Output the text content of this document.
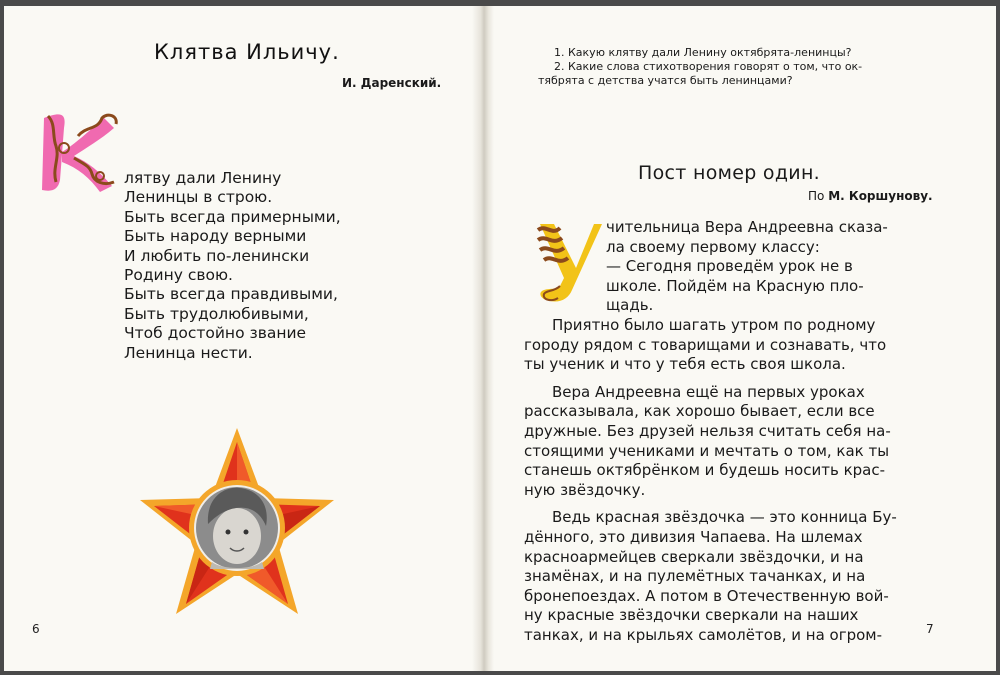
Клятва Ильичу.
И. Даренский.
лятву дали Ленину
Ленинцы в строю.
Быть всегда примерными,
Быть народу верными
И любить по-ленински
Родину свою.
Быть всегда правдивыми,
Быть трудолюбивыми,
Чтоб достойно звание
Ленинца нести.
6
1. Какую клятву дали Ленину октябрята-ленинцы?
2. Какие слова стихотворения говорят о том, что ок-
тябрята с детства учатся быть ленинцами?
Пост номер один.
По М. Коршунову.
чительница Вера Андреевна сказа-
ла своему первому классу:
— Сегодня проведём урок не в
школе. Пойдём на Красную пло-
щадь.
Приятно было шагать утром по родному
городу рядом с товарищами и сознавать, что
ты ученик и что у тебя есть своя школа.
Вера Андреевна ещё на первых уроках
рассказывала, как хорошо бывает, если все
дружные. Без друзей нельзя считать себя на-
стоящими учениками и мечтать о том, как ты
станешь октябрёнком и будешь носить крас-
ную звёздочку.
Ведь красная звёздочка — это конница Бу-
дённого, это дивизия Чапаева. На шлемах
красноармейцев сверкали звёздочки, и на
знамёнах, и на пулемётных тачанках, и на
бронепоездах. А потом в Отечественную вой-
ну красные звёздочки сверкали на наших
танках, и на крыльях самолётов, и на огром-	7
